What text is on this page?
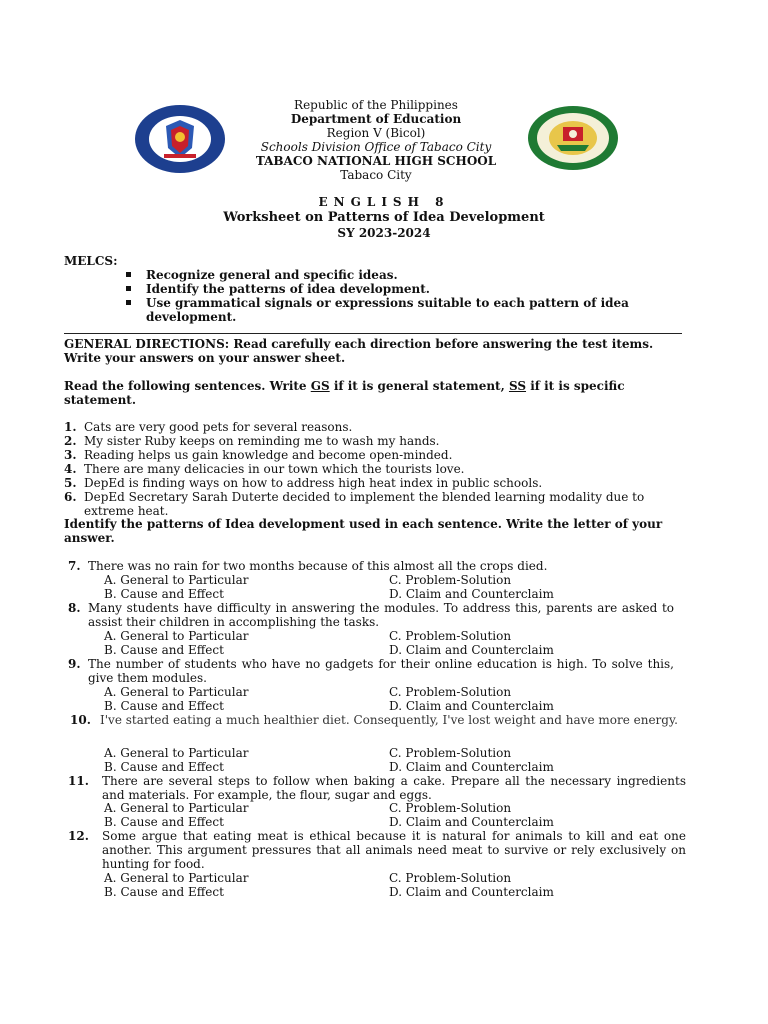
Republic of the Philippines
Department of Education
Region V (Bicol)
Schools Division Office of Tabaco City
TABACO NATIONAL HIGH SCHOOL
Tabaco City
ENGLISH 8
Worksheet on Patterns of Idea Development
SY 2023-2024
MELCS:
Recognize general and specific ideas.
Identify the patterns of idea development.
Use grammatical signals or expressions suitable to each pattern of idea development.
GENERAL DIRECTIONS: Read carefully each direction before answering the test items. Write your answers on your answer sheet.
Read the following sentences. Write GS if it is general statement, SS if it is specific statement.
1. Cats are very good pets for several reasons.
2. My sister Ruby keeps on reminding me to wash my hands.
3. Reading helps us gain knowledge and become open-minded.
4. There are many delicacies in our town which the tourists love.
5. DepEd is finding ways on how to address high heat index in public schools.
6. DepEd Secretary Sarah Duterte decided to implement the blended learning modality due to extreme heat.
Identify the patterns of Idea development used in each sentence. Write the letter of your answer.
7. There was no rain for two months because of this almost all the crops died.
A. General to Particular	C. Problem-Solution
B. Cause and Effect	D. Claim and Counterclaim
8. Many students have difficulty in answering the modules. To address this, parents are asked to assist their children in accomplishing the tasks.
A. General to Particular	C. Problem-Solution
B. Cause and Effect	D. Claim and Counterclaim
9. The number of students who have no gadgets for their online education is high. To solve this, give them modules.
A. General to Particular	C. Problem-Solution
B. Cause and Effect	D. Claim and Counterclaim
10. I've started eating a much healthier diet. Consequently, I've lost weight and have more energy.
A. General to Particular	C. Problem-Solution
B. Cause and Effect	D. Claim and Counterclaim
11. There are several steps to follow when baking a cake. Prepare all the necessary ingredients and materials. For example, the flour, sugar and eggs.
A. General to Particular	C. Problem-Solution
B. Cause and Effect	D. Claim and Counterclaim
12. Some argue that eating meat is ethical because it is natural for animals to kill and eat one another. This argument pressures that all animals need meat to survive or rely exclusively on hunting for food.
A. General to Particular	C. Problem-Solution
B. Cause and Effect	D. Claim and Counterclaim
